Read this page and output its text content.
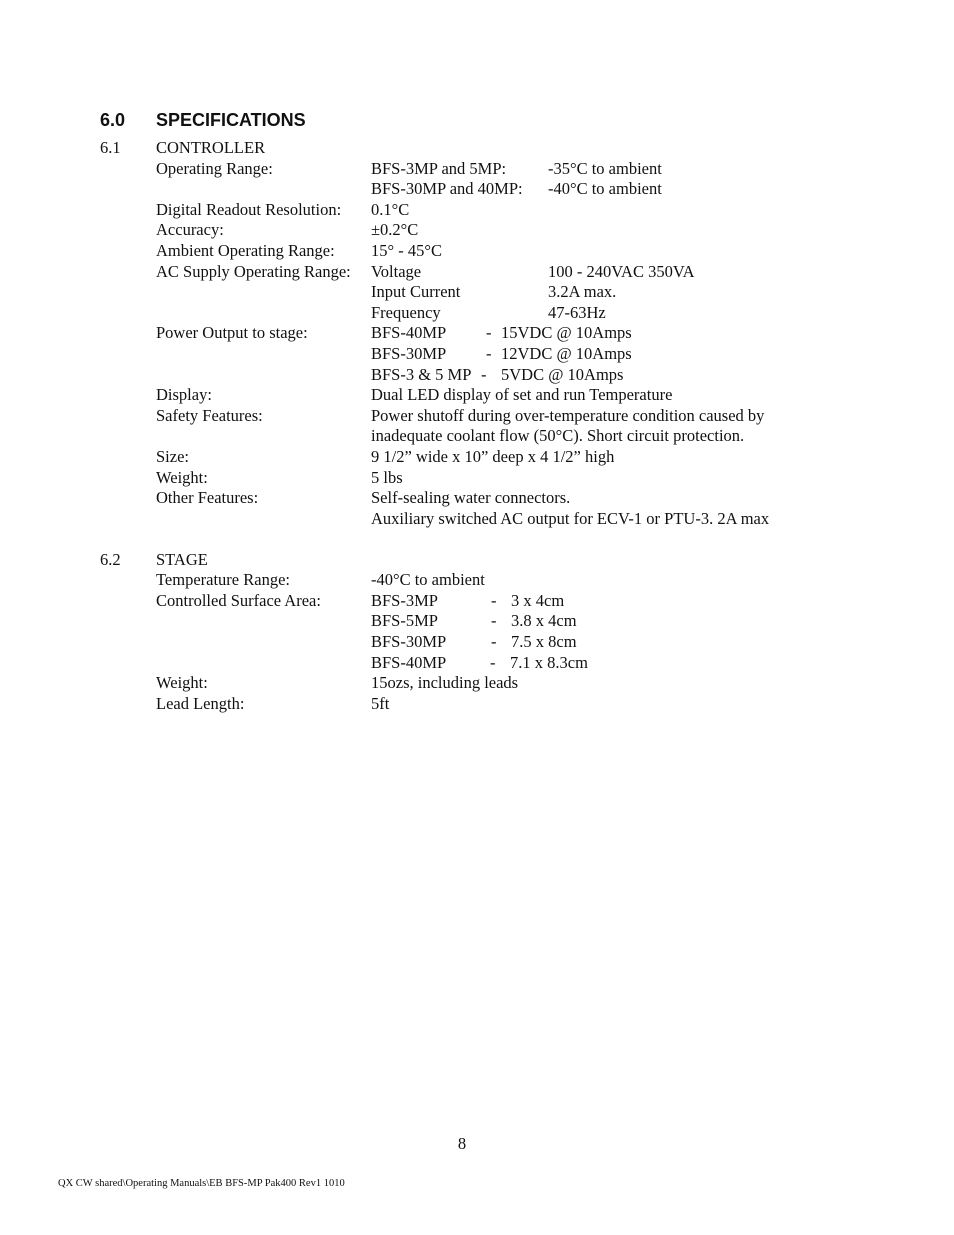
6.0 SPECIFICATIONS
6.1 CONTROLLER
Operating Range:	BFS-3MP and 5MP:	-35°C to ambient
BFS-30MP and 40MP: -40°C to ambient
Digital Readout Resolution: 0.1°C
Accuracy:	±0.2°C
Ambient Operating Range: 15° - 45°C
AC Supply Operating Range: Voltage	100 - 240VAC 350VA
Input Current	3.2A max.
Frequency	47-63Hz
Power Output to stage:	BFS-40MP - 15VDC @ 10Amps
BFS-30MP - 12VDC @ 10Amps
BFS-3 & 5 MP - 5VDC @ 10Amps
Display:	Dual LED display of set and run Temperature
Safety Features:	Power shutoff during over-temperature condition caused by
inadequate coolant flow (50°C). Short circuit protection.
Size:	9 1/2” wide x 10” deep x 4 1/2” high
Weight:	5 lbs
Other Features:	Self-sealing water connectors.
Auxiliary switched AC output for ECV-1 or PTU-3. 2A max
6.2 STAGE
Temperature Range:	-40°C to ambient
Controlled Surface Area:	BFS-3MP	- 3 x 4cm
BFS-5MP	- 3.8 x 4cm
BFS-30MP	- 7.5 x 8cm
BFS-40MP	- 7.1 x 8.3cm
Weight:	15ozs, including leads
Lead Length:	5ft
8
QX CW shared\Operating Manuals\EB BFS-MP Pak400 Rev1 1010
